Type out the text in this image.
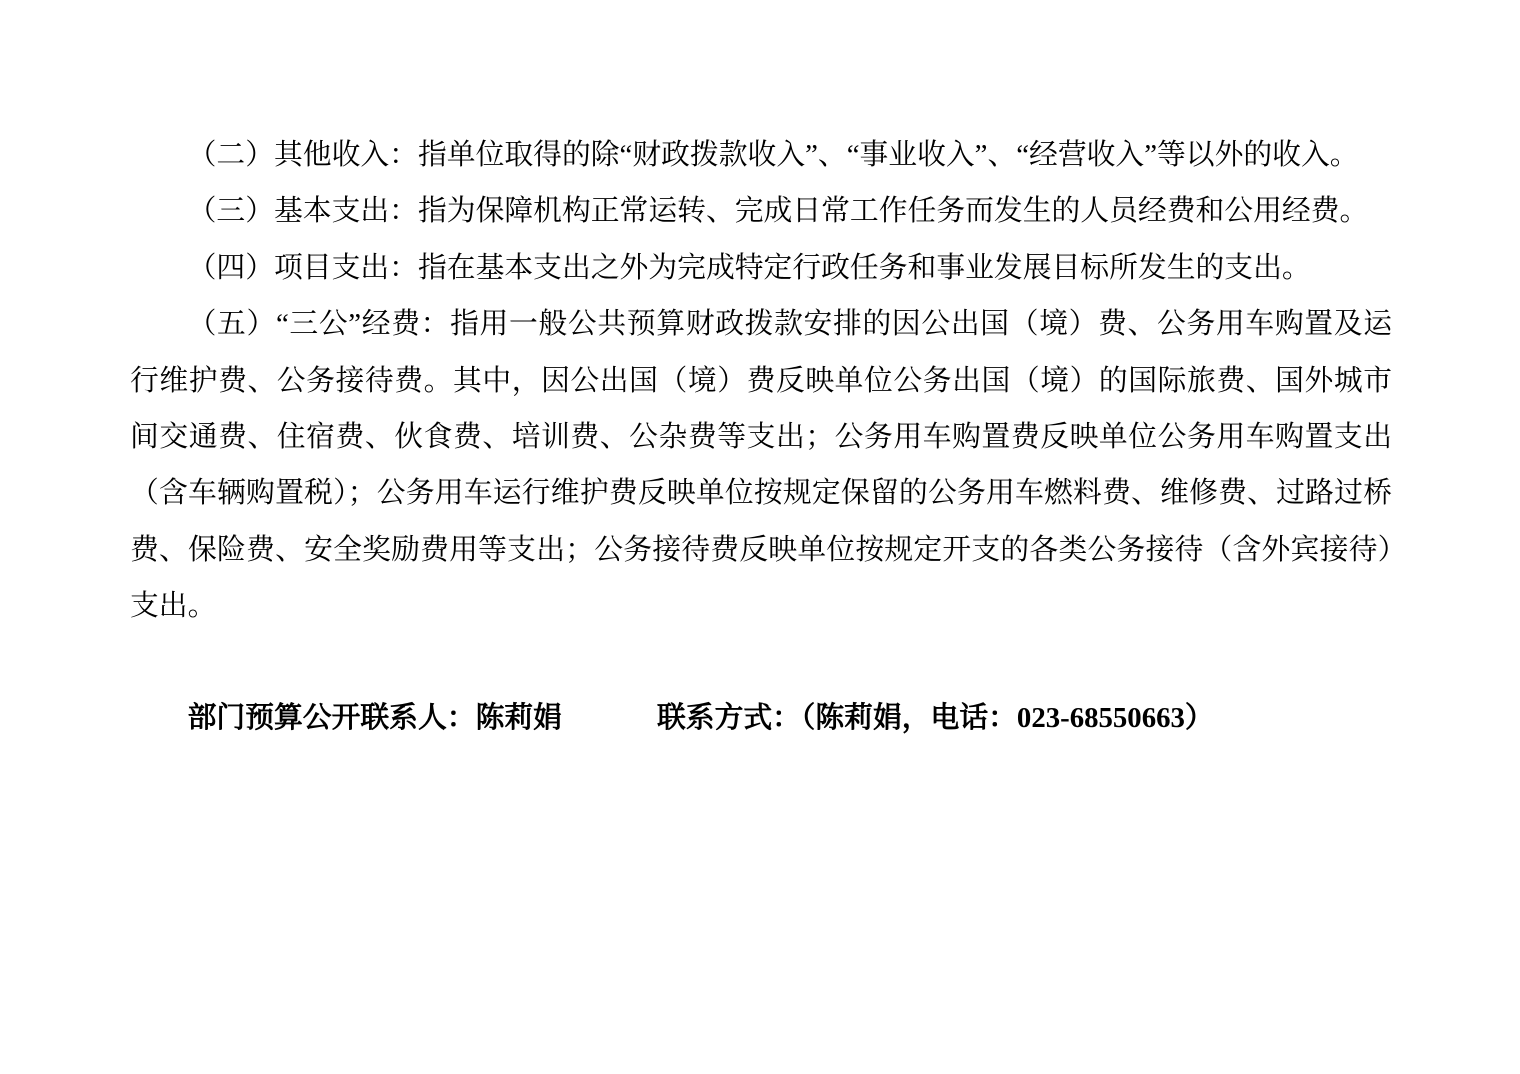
（二）其他收入：指单位取得的除“财政拨款收入”、“事业收入”、“经营收入”等以外的收入。

（三）基本支出：指为保障机构正常运转、完成日常工作任务而发生的人员经费和公用经费。

（四）项目支出：指在基本支出之外为完成特定行政任务和事业发展目标所发生的支出。

（五）“三公”经费：指用一般公共预算财政拨款安排的因公出国（境）费、公务用车购置及运行维护费、公务接待费。其中，因公出国（境）费反映单位公务出国（境）的国际旅费、国外城市间交通费、住宿费、伙食费、培训费、公杂费等支出；公务用车购置费反映单位公务用车购置支出（含车辆购置税）；公务用车运行维护费反映单位按规定保留的公务用车燃料费、维修费、过路过桥费、保险费、安全奖励费用等支出；公务接待费反映单位按规定开支的各类公务接待（含外宾接待）支出。

部门预算公开联系人：陈莉娟	联系方式：（陈莉娟，电话：023-68550663）
